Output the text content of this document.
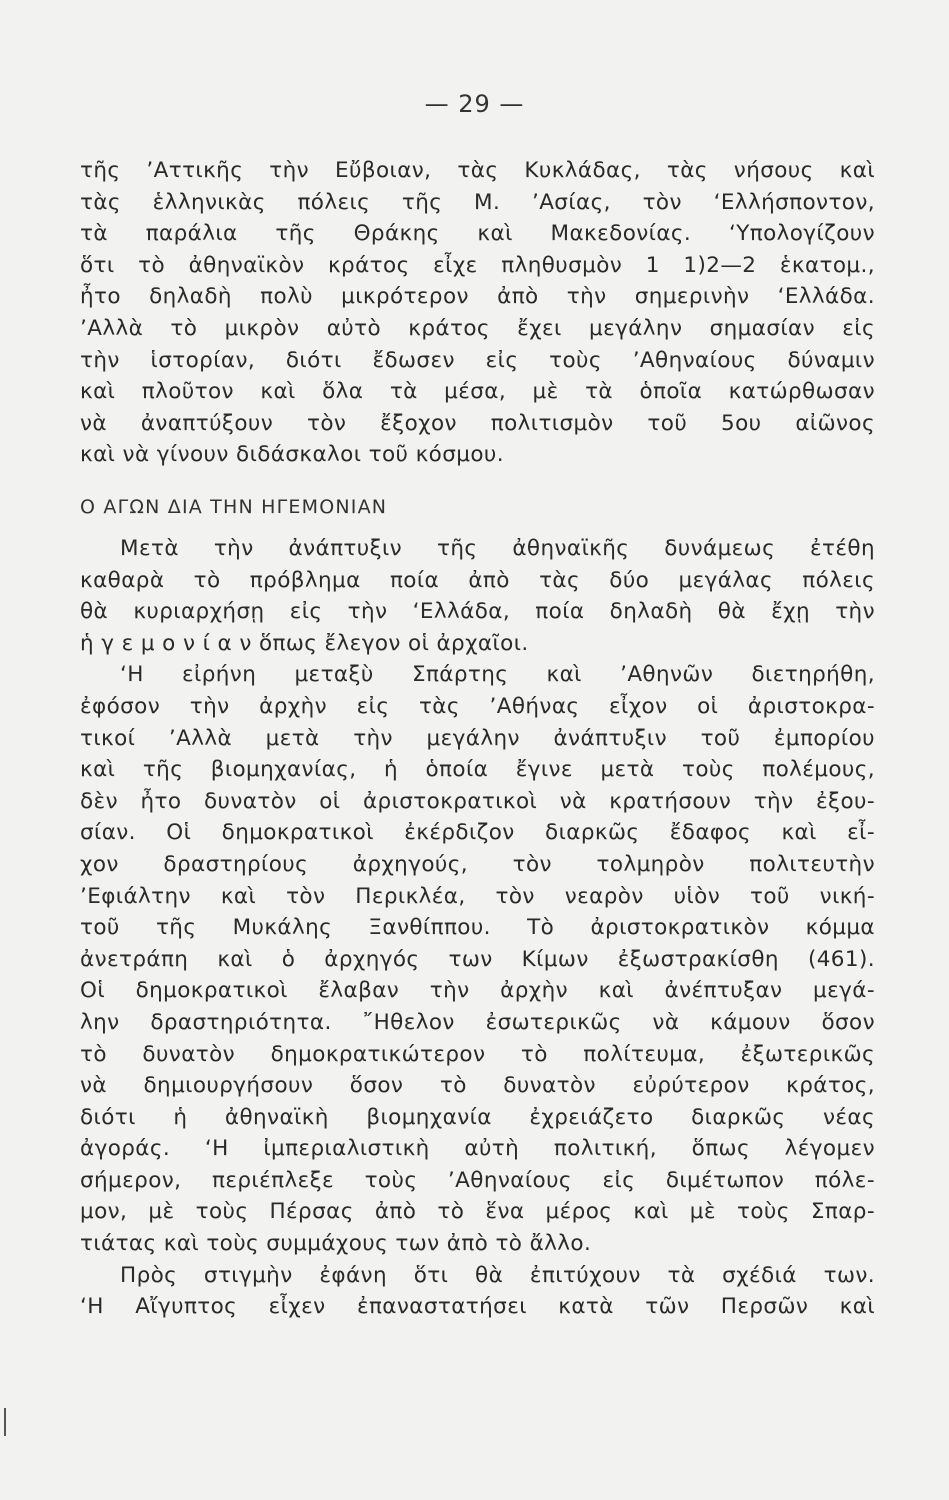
— 29 —
τῆς ’Αττικῆς τὴν Εὔβοιαν, τὰς Κυκλάδας, τὰς νήσους καὶ
τὰς ἑλληνικὰς πόλεις τῆς Μ. ’Ασίας, τὸν ‘Ελλήσποντον,
τὰ παράλια τῆς Θράκης καὶ Μακεδονίας. ‘Υπολογίζουν
ὅτι τὸ ἀθηναϊκὸν κράτος εἶχε πληθυσμὸν 1 1)2—2 ἑκατομ.,
ἦτο δηλαδὴ πολὺ μικρότερον ἀπὸ τὴν σημερινὴν ‘Ελλάδα.
’Αλλὰ τὸ μικρὸν αὐτὸ κράτος ἔχει μεγάλην σημασίαν εἰς
τὴν ἱστορίαν, διότι ἔδωσεν εἰς τοὺς ’Αθηναίους δύναμιν
καὶ πλοῦτον καὶ ὅλα τὰ μέσα, μὲ τὰ ὁποῖα κατώρθωσαν
νὰ ἀναπτύξουν τὸν ἔξοχον πολιτισμὸν τοῦ 5ου αἰῶνος
καὶ νὰ γίνουν διδάσκαλοι τοῦ κόσμου.
Ο ΑΓΩΝ ΔΙΑ ΤΗΝ ΗΓΕΜΟΝΙΑΝ
Μετὰ τὴν ἀνάπτυξιν τῆς ἀθηναϊκῆς δυνάμεως ἐτέθη
καθαρὰ τὸ πρόβλημα ποία ἀπὸ τὰς δύο μεγάλας πόλεις
θὰ κυριαρχήσῃ εἰς τὴν ‘Ελλάδα, ποία δηλαδὴ θὰ ἔχῃ τὴν
ἡ γ ε μ ο ν ί α ν ὅπως ἔλεγον οἱ ἀρχαῖοι.
‘Η εἰρήνη μεταξὺ Σπάρτης καὶ ’Αθηνῶν διετηρήθη,
ἐφόσον τὴν ἀρχὴν εἰς τὰς ’Αθήνας εἶχον οἱ ἀριστοκρα-
τικοί ’Αλλὰ μετὰ τὴν μεγάλην ἀνάπτυξιν τοῦ ἐμπορίου
καὶ τῆς βιομηχανίας, ἡ ὁποία ἔγινε μετὰ τοὺς πολέμους,
δὲν ἦτο δυνατὸν οἱ ἀριστοκρατικοὶ νὰ κρατήσουν τὴν ἐξου-
σίαν. Οἱ δημοκρατικοὶ ἐκέρδιζον διαρκῶς ἔδαφος καὶ εἶ-
χον δραστηρίους ἀρχηγούς, τὸν τολμηρὸν πολιτευτὴν
’Εφιάλτην καὶ τὸν Περικλέα, τὸν νεαρὸν υἱὸν τοῦ νική-
τοῦ τῆς Μυκάλης Ξανθίππου. Τὸ ἀριστοκρατικὸν κόμμα
ἀνετράπη καὶ ὁ ἀρχηγός των Κίμων ἐξωστρακίσθη (461).
Οἱ δημοκρατικοὶ ἔλαβαν τὴν ἀρχὴν καὶ ἀνέπτυξαν μεγά-
λην δραστηριότητα. ῎Ηθελον ἐσωτερικῶς νὰ κάμουν ὅσον
τὸ δυνατὸν δημοκρατικώτερον τὸ πολίτευμα, ἐξωτερικῶς
νὰ δημιουργήσουν ὅσον τὸ δυνατὸν εὐρύτερον κράτος,
διότι ἡ ἀθηναϊκὴ βιομηχανία ἐχρειάζετο διαρκῶς νέας
ἀγοράς. ‘Η ἰμπεριαλιστικὴ αὐτὴ πολιτική, ὅπως λέγομεν
σήμερον, περιέπλεξε τοὺς ’Αθηναίους εἰς διμέτωπον πόλε-
μον, μὲ τοὺς Πέρσας ἀπὸ τὸ ἕνα μέρος καὶ μὲ τοὺς Σπαρ-
τιάτας καὶ τοὺς συμμάχους των ἀπὸ τὸ ἄλλο.
Πρὸς στιγμὴν ἐφάνη ὅτι θὰ ἐπιτύχουν τὰ σχέδιά των.
‘Η Αἴγυπτος εἶχεν ἐπαναστατήσει κατὰ τῶν Περσῶν καὶ
